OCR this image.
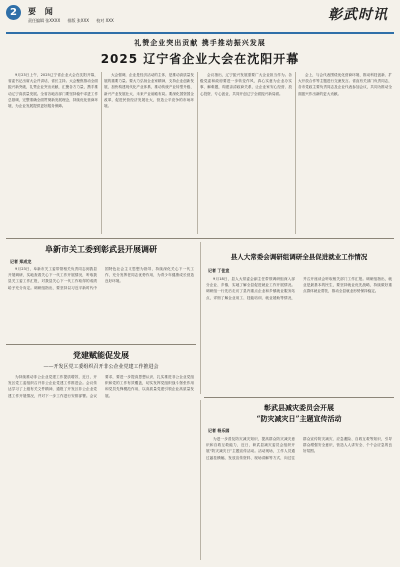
2	要 闻
责任编辑 张XXXX 排版 张XXX 校对 XXX	彰武时讯
礼赞企业突出贡献 携手推动振兴发展
2025 辽宁省企业大会在沈阳开幕

9月23日上午，2025辽宁省企业大会在沈阳开幕，省委书记出席大会并讲话，省长主持。大会聚焦推动全面振兴新突破，礼赞企业突出贡献，汇聚各方力量，携手推动辽宁高质量发展。全省各地各部门要坚持稳中求进工作总基调，完整准确全面贯彻新发展理念，持续优化营商环境，为企业发展提供更好服务保障。

大会强调，企业是经济活动的主体，是推动高质量发展的重要力量。要大力弘扬企业家精神，支持企业创新发展，加快构建现代化产业体系，推动传统产业转型升级、新兴产业发展壮大、未来产业前瞻布局。要深化国资国企改革，促进民营经济发展壮大，营造公平竞争的市场环境。

会议指出，辽宁振兴发展需要广大企业担当作为。各级党委和政府要进一步转变作风，真心实意为企业办实事、解难题，构建亲清政商关系，让企业家安心经营、放心投资、专心创业，共同开创辽宁全面振兴新局面。

会上，与会代表围绕优化营商环境、推动科技创新、扩大开放合作等主题进行交流发言。省直有关部门负责同志，各市党政主要负责同志及企业代表参加会议，共同为推动全面振兴作出新的更大贡献。

阜新市关工委到彰武县开展调研
记者 郑成龙

9月23日，阜新市关工委带领相关负责同志到我县开展调研，实地查看关心下一代工作开展情况，听取我县关工委工作汇报，对我县关心下一代工作取得的成绩给予充分肯定。调研组指出，要坚持以习近平新时代中国特色社会主义思想为指导，持续深化关心下一代工作，充分发挥老同志优势作用，为青少年健康成长营造良好环境。

县人大常委会调研组调研全县促进就业工作情况
记者 丁佳宣

9月18日，县人大常委会副主任带领调研组深入部分企业、乡镇，实地了解全县促进就业工作开展情况。调研组一行先后走访了县内重点企业和乡镇就业服务站点，详细了解企业用工、技能培训、就业援助等情况，并召开座谈会听取相关部门工作汇报。调研组指出，就业是最基本的民生，要坚持就业优先战略，持续做好重点群体就业帮扶，推动全县就业形势保持稳定。

党建赋能促发展
——开发区党工委组织召开非公企业党建工作推进会

为持续推动非公企业党建工作提质增效，近日，开发区党工委组织召开非公企业党建工作推进会。会议传达学习了上级有关文件精神，通报了开发区非公企业党建工作开展情况，并对下一步工作进行安排部署。会议要求，要进一步提高思想认识，扎实推进非公企业党组织和党的工作有效覆盖，切实发挥党组织战斗堡垒作用和党员先锋模范作用，以高质量党建引领企业高质量发展。

彰武县减灾委员会开展
“防灾减灾日”主题宣传活动
记者 杨乐园

为进一步普及防灾减灾知识，提高群众防灾减灾意识和自救互救能力，近日，彰武县减灾委员会组织开展“防灾减灾日”主题宣传活动。活动现场，工作人员通过悬挂横幅、发放宣传资料、现场讲解等方式，向过往群众宣传防灾减灾、应急避险、自救互救等知识，引导群众增强安全意识，营造人人讲安全、个个会应急的良好氛围。
